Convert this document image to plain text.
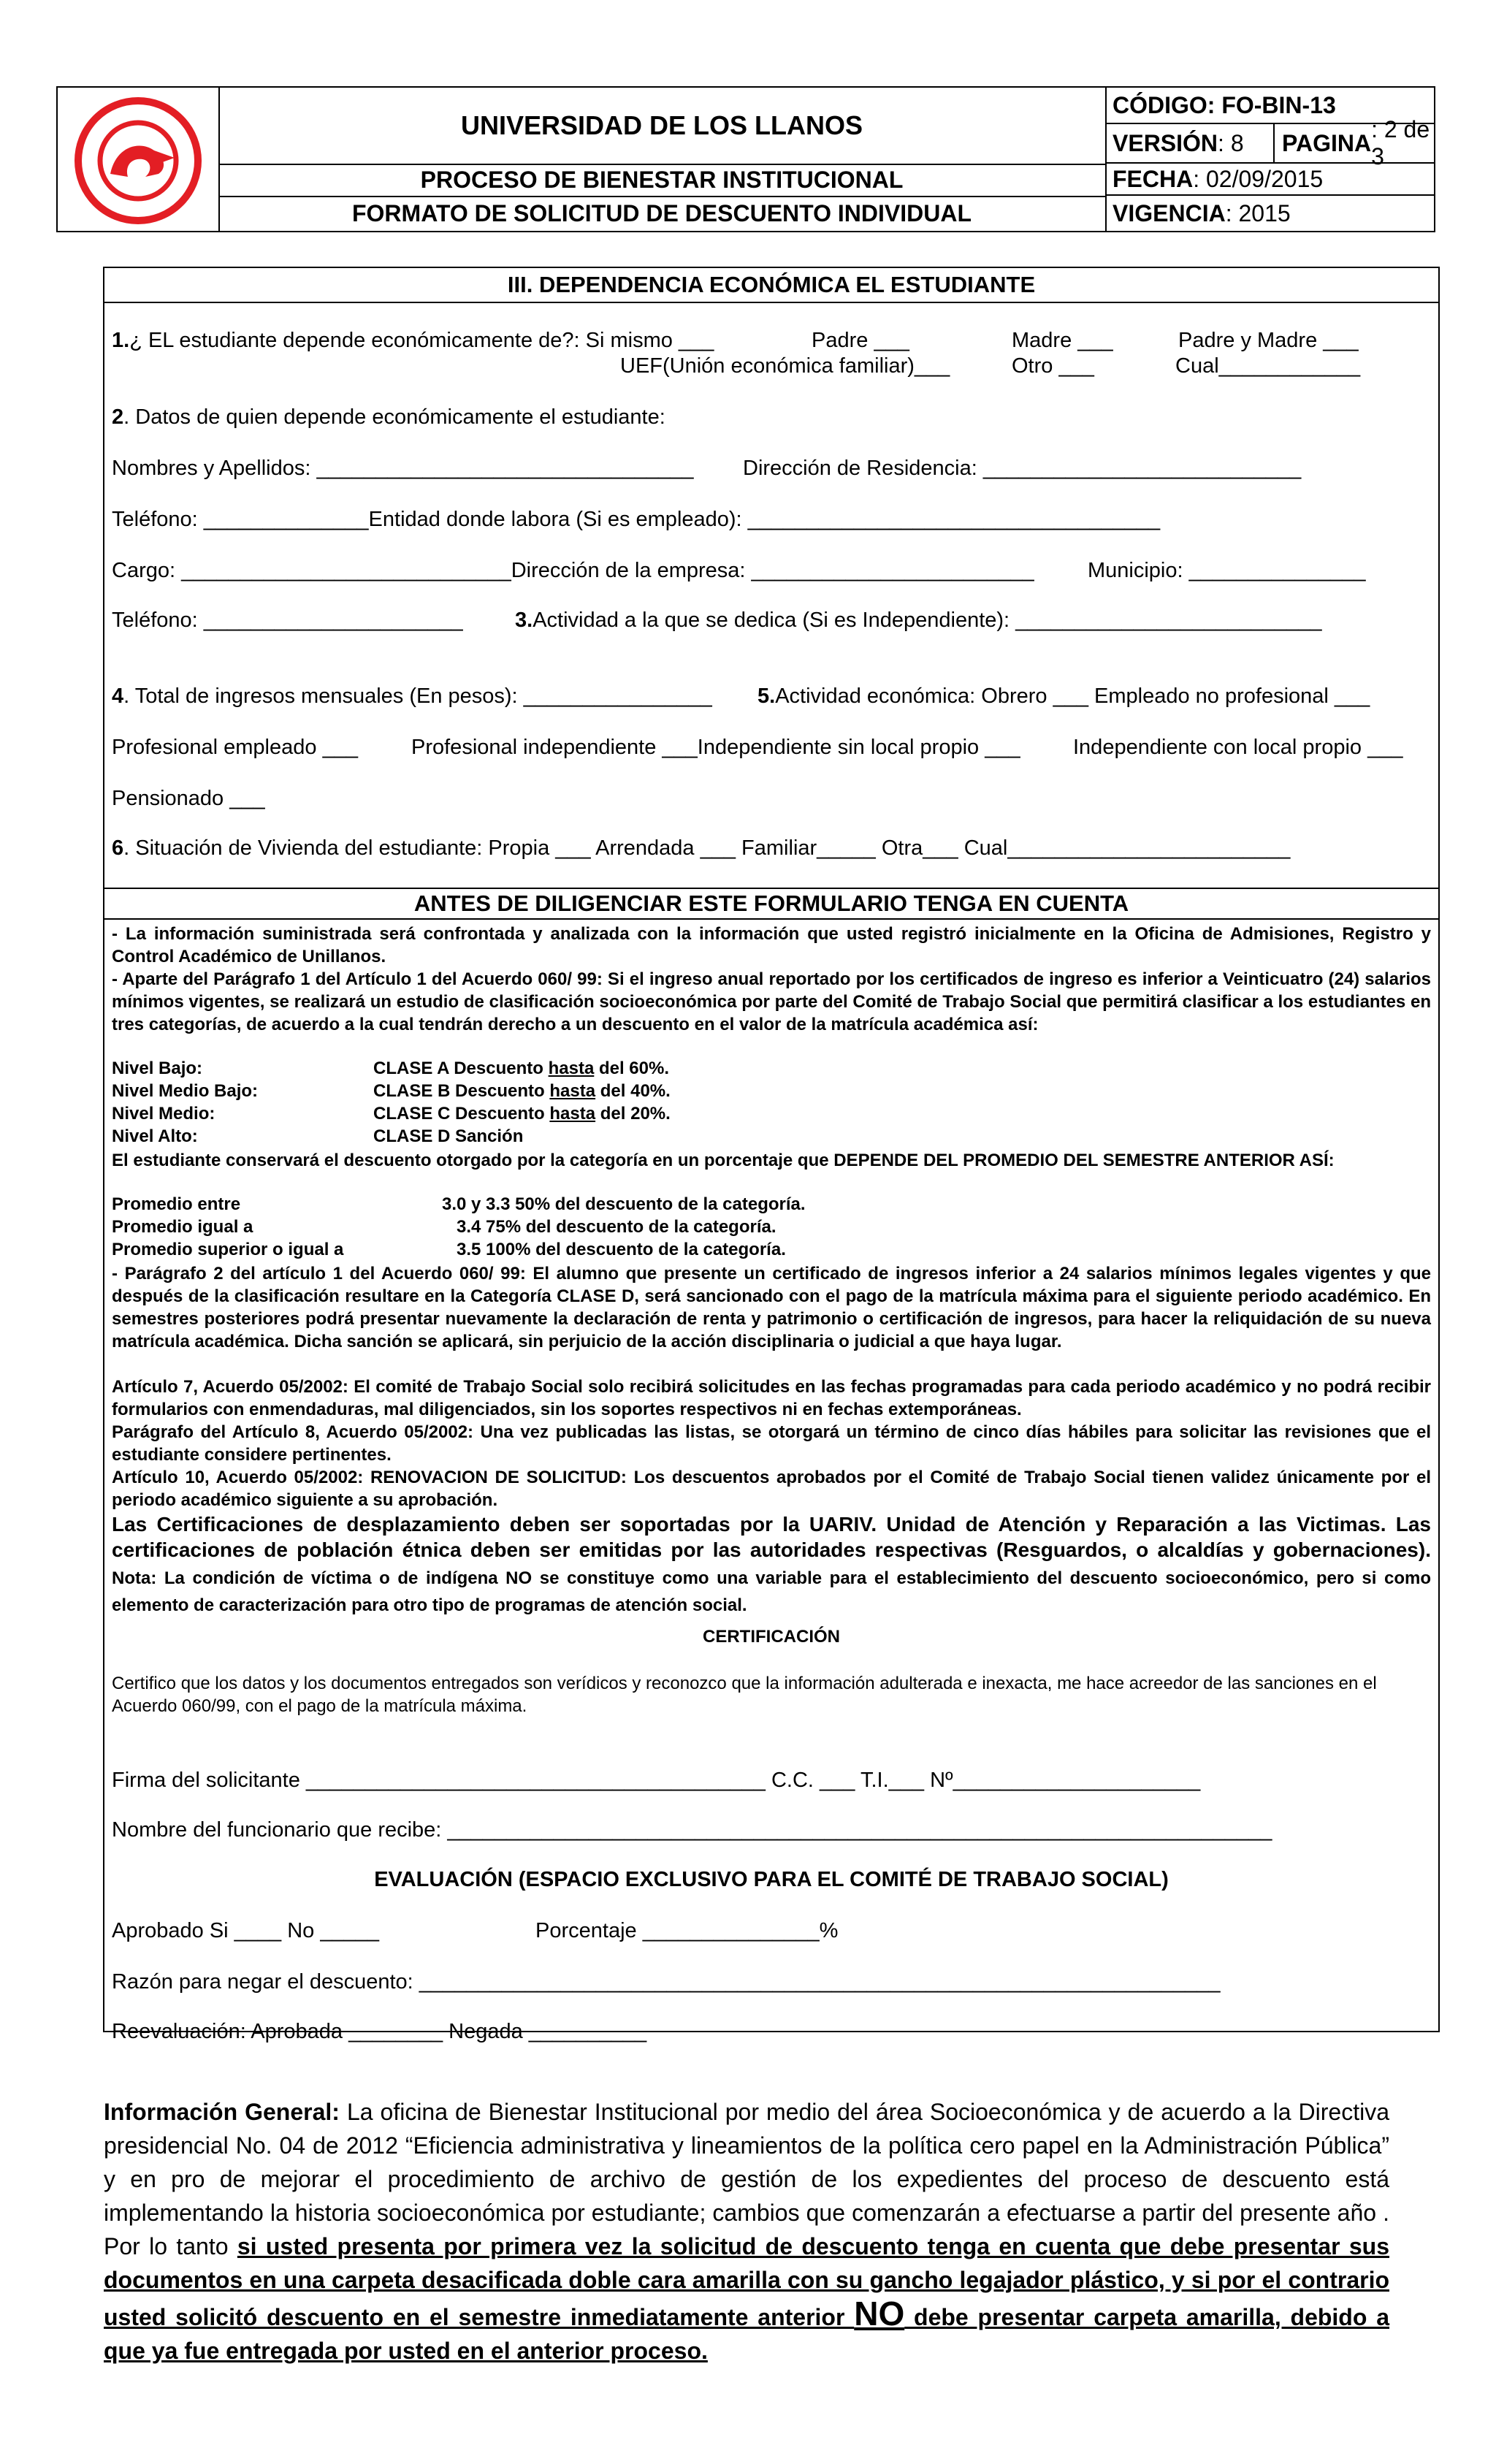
UNIVERSIDAD DE LOS LLANOS
PROCESO DE BIENESTAR INSTITUCIONAL
FORMATO DE SOLICITUD DE DESCUENTO INDIVIDUAL
CÓDIGO: FO-BIN-13
VERSIÓN : 8 PAGINA
: 2 de 3
FECHA : 02/09/2015
VIGENCIA : 2015
III. DEPENDENCIA ECONÓMICA EL ESTUDIANTE
1.¿ EL estudiante depende económicamente de?: Si mismo ___	Padre ___	Madre ___	Padre y Madre ___
UEF(Unión económica familiar)___	Otro ___	Cual____________
2. Datos de quien depende económicamente el estudiante:
Nombres y Apellidos: ________________________________ Dirección de Residencia: ___________________________
Teléfono: ______________Entidad donde labora (Si es empleado): ___________________________________
Cargo: ____________________________Dirección de la empresa: ________________________	Municipio: _______________
Teléfono: ______________________ 3.Actividad a la que se dedica (Si es Independiente): __________________________
4. Total de ingresos mensuales (En pesos): ________________ 5.Actividad económica: Obrero ___ Empleado no profesional ___
Profesional empleado ___	Profesional independiente ___Independiente sin local propio ___ Independiente con local propio ___
Pensionado ___
6. Situación de Vivienda del estudiante: Propia ___ Arrendada ___ Familiar_____ Otra___ Cual________________________
ANTES DE DILIGENCIAR ESTE FORMULARIO TENGA EN CUENTA
- La información suministrada será confrontada y analizada con la información que usted registró inicialmente en la Oficina de Admisiones, Registro y Control Académico de Unillanos.
- Aparte del Parágrafo 1 del Artículo 1 del Acuerdo 060/ 99: Si el ingreso anual reportado por los certificados de ingreso es inferior a Veinticuatro (24) salarios mínimos vigentes, se realizará un estudio de clasificación socioeconómica por parte del Comité de Trabajo Social que permitirá clasificar a los estudiantes en tres categorías, de acuerdo a la cual tendrán derecho a un descuento en el valor de la matrícula académica así:
Nivel Bajo:	CLASE A Descuento hasta del 60%.
Nivel Medio Bajo:	CLASE B Descuento hasta del 40%.
Nivel Medio:	CLASE C Descuento hasta del 20%.
Nivel Alto:	CLASE D Sanción
El estudiante conservará el descuento otorgado por la categoría en un porcentaje que DEPENDE DEL PROMEDIO DEL SEMESTRE ANTERIOR ASÍ:
Promedio entre	3.0 y 3.3 50% del descuento de la categoría.
Promedio igual a	3.4 75% del descuento de la categoría.
Promedio superior o igual a	3.5 100% del descuento de la categoría.
- Parágrafo 2 del artículo 1 del Acuerdo 060/ 99: El alumno que presente un certificado de ingresos inferior a 24 salarios mínimos legales vigentes y que después de la clasificación resultare en la Categoría CLASE D, será sancionado con el pago de la matrícula máxima para el siguiente periodo académico. En semestres posteriores podrá presentar nuevamente la declaración de renta y patrimonio o certificación de ingresos, para hacer la reliquidación de su nueva matrícula académica. Dicha sanción se aplicará, sin perjuicio de la acción disciplinaria o judicial a que haya lugar.
Artículo 7, Acuerdo 05/2002: El comité de Trabajo Social solo recibirá solicitudes en las fechas programadas para cada periodo académico y no podrá recibir formularios con enmendaduras, mal diligenciados, sin los soportes respectivos ni en fechas extemporáneas.
Parágrafo del Artículo 8, Acuerdo 05/2002: Una vez publicadas las listas, se otorgará un término de cinco días hábiles para solicitar las revisiones que el estudiante considere pertinentes.
Artículo 10, Acuerdo 05/2002: RENOVACION DE SOLICITUD: Los descuentos aprobados por el Comité de Trabajo Social tienen validez únicamente por el periodo académico siguiente a su aprobación.
Las Certificaciones de desplazamiento deben ser soportadas por la UARIV. Unidad de Atención y Reparación a las Victimas. Las certificaciones de población étnica deben ser emitidas por las autoridades respectivas (Resguardos, o alcaldías y gobernaciones). Nota: La condición de víctima o de indígena NO se constituye como una variable para el establecimiento del descuento socioeconómico, pero si como elemento de caracterización para otro tipo de programas de atención social.
CERTIFICACIÓN
Certifico que los datos y los documentos entregados son verídicos y reconozco que la información adulterada e inexacta, me hace acreedor de las sanciones en el Acuerdo 060/99, con el pago de la matrícula máxima.
Firma del solicitante _______________________________________ C.C. ___ T.I.___ Nº_____________________
Nombre del funcionario que recibe: ______________________________________________________________________
EVALUACIÓN (ESPACIO EXCLUSIVO PARA EL COMITÉ DE TRABAJO SOCIAL)
Aprobado Si ____ No _____	Porcentaje _______________%
Razón para negar el descuento: ____________________________________________________________________
Reevaluación: Aprobada ________ Negada __________
Información General: La oficina de Bienestar Institucional por medio del área Socioeconómica y de acuerdo a la Directiva presidencial No. 04 de 2012 “Eficiencia administrativa y lineamientos de la política cero papel en la Administración Pública” y en pro de mejorar el procedimiento de archivo de gestión de los expedientes del proceso de descuento está implementando la historia socioeconómica por estudiante; cambios que comenzarán a efectuarse a partir del presente año . Por lo tanto si usted presenta por primera vez la solicitud de descuento tenga en cuenta que debe presentar sus documentos en una carpeta desacificada doble cara amarilla con su gancho legajador plástico, y si por el contrario usted solicitó descuento en el semestre inmediatamente anterior NO debe presentar carpeta amarilla, debido a que ya fue entregada por usted en el anterior proceso.
